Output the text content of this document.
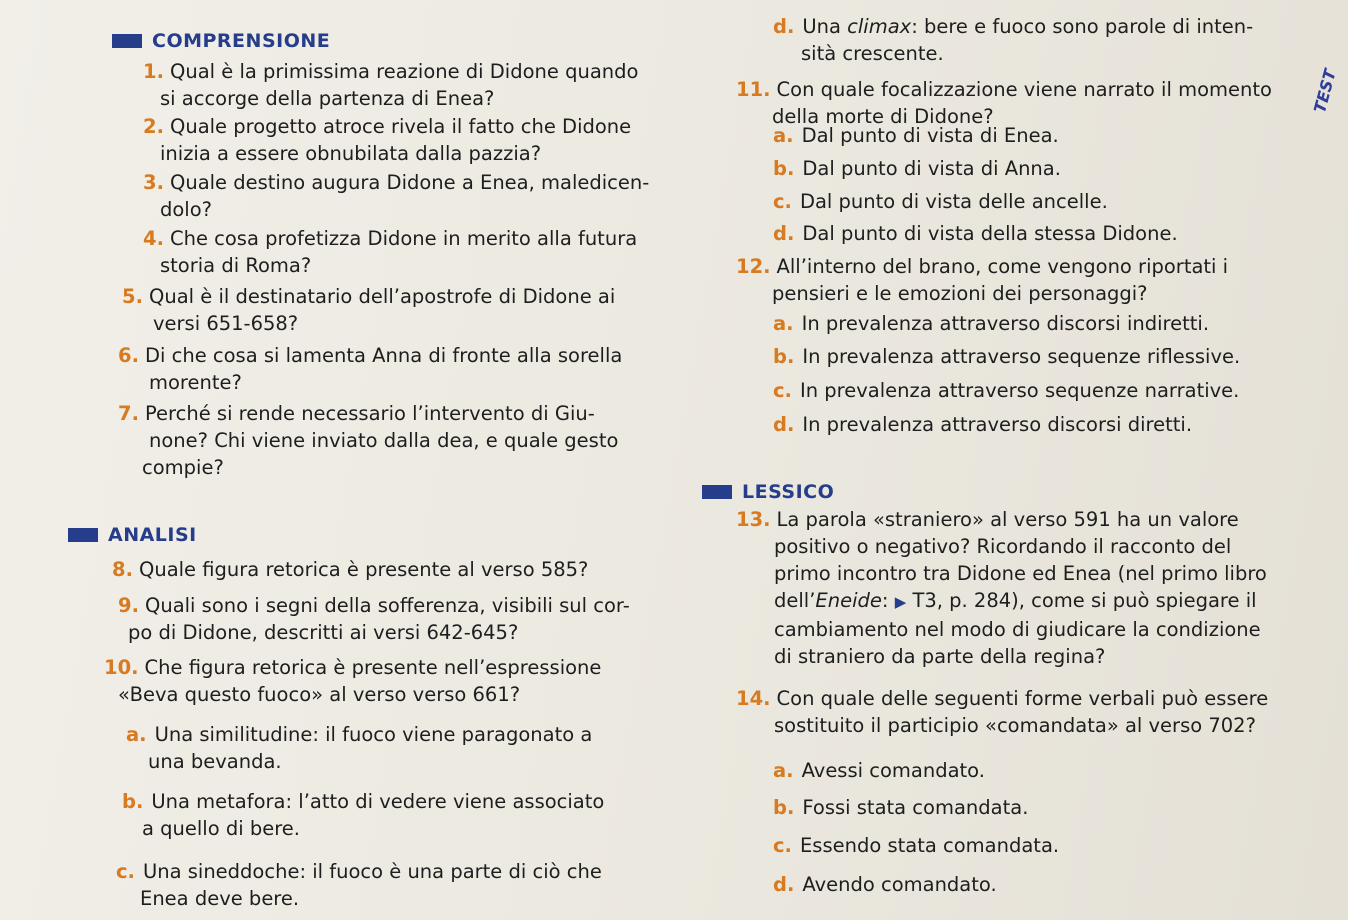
COMPRENSIONE
1. Qual è la primissima reazione di Didone quando
si accorge della partenza di Enea?
2. Quale progetto atroce rivela il fatto che Didone
inizia a essere obnubilata dalla pazzia?
3. Quale destino augura Didone a Enea, maledicen-
dolo?
4. Che cosa profetizza Didone in merito alla futura
storia di Roma?
5. Qual è il destinatario dell’apostrofe di Didone ai
versi 651-658?
6. Di che cosa si lamenta Anna di fronte alla sorella
morente?
7. Perché si rende necessario l’intervento di Giu-
none? Chi viene inviato dalla dea, e quale gesto
compie?
ANALISI
8. Quale figura retorica è presente al verso 585?
9. Quali sono i segni della sofferenza, visibili sul cor-
po di Didone, descritti ai versi 642-645?
10. Che figura retorica è presente nell’espressione
«Beva questo fuoco» al verso verso 661?
a. Una similitudine: il fuoco viene paragonato a
una bevanda.
b. Una metafora: l’atto di vedere viene associato
a quello di bere.
c. Una sineddoche: il fuoco è una parte di ciò che
Enea deve bere.
d. Una climax: bere e fuoco sono parole di inten-
sità crescente.
11. Con quale focalizzazione viene narrato il momento
della morte di Didone?
a. Dal punto di vista di Enea.
b. Dal punto di vista di Anna.
c. Dal punto di vista delle ancelle.
d. Dal punto di vista della stessa Didone.
12. All’interno del brano, come vengono riportati i
pensieri e le emozioni dei personaggi?
a. In prevalenza attraverso discorsi indiretti.
b. In prevalenza attraverso sequenze riflessive.
c. In prevalenza attraverso sequenze narrative.
d. In prevalenza attraverso discorsi diretti.
LESSICO
13. La parola «straniero» al verso 591 ha un valore
positivo o negativo? Ricordando il racconto del
primo incontro tra Didone ed Enea (nel primo libro
dell’Eneide: ▶ T3, p. 284), come si può spiegare il
cambiamento nel modo di giudicare la condizione
di straniero da parte della regina?
14. Con quale delle seguenti forme verbali può essere
sostituito il participio «comandata» al verso 702?
a. Avessi comandato.
b. Fossi stata comandata.
c. Essendo stata comandata.
d. Avendo comandato.
TEST
